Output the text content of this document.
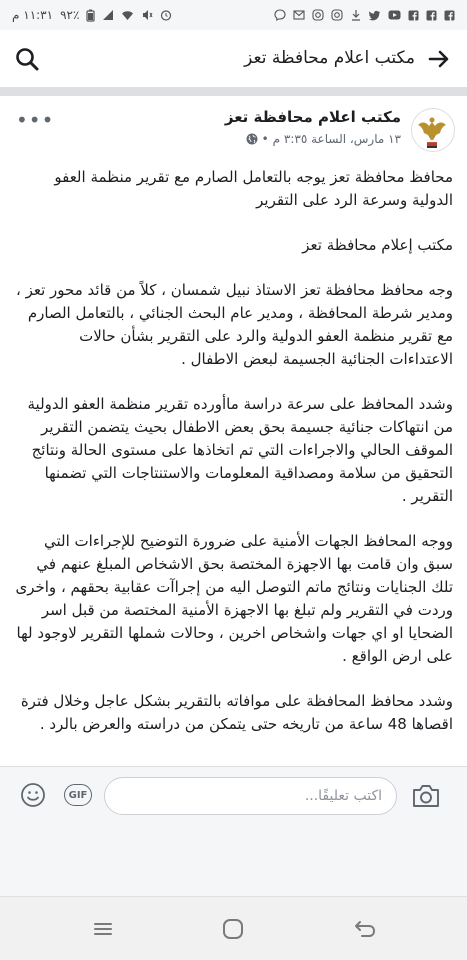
١١:٣١ م ٩٢٪
مكتب اعلام محافظة تعز
مكتب اعلام محافظة تعز
١٣ مارس، الساعة ٣:٣٥ م
•
•••

محافظ محافظة تعز يوجه بالتعامل الصارم مع تقرير منظمة العفو الدولية وسرعة الرد على التقرير

مكتب إعلام محافظة تعز

وجه محافظ محافظة تعز الاستاذ نبيل شمسان ، كلاً من قائد محور تعز ، ومدير شرطة المحافظة ، ومدير عام البحث الجنائي ، بالتعامل الصارم مع تقرير منظمة العفو الدولية والرد على التقرير بشأن حالات الاعتداءات الجنائية الجسيمة لبعض الاطفال .

وشدد المحافظ على سرعة دراسة ماأورده تقرير منظمة العفو الدولية من انتهاكات جنائية جسيمة بحق بعض الاطفال بحيث يتضمن التقرير الموقف الحالي والاجراءات التي تم اتخاذها على مستوى الحالة ونتائج التحقيق من سلامة ومصداقية المعلومات والاستنتاجات التي تضمنها التقرير .

ووجه المحافظ الجهات الأمنية على ضرورة التوضيح للإجراءات التي سبق وان قامت بها الاجهزة المختصة بحق الاشخاص المبلغ عنهم في تلك الجنايات ونتائج ماتم التوصل اليه من إجراآت عقابية بحقهم ، واخرى وردت في التقرير ولم تبلغ بها الاجهزة الأمنية المختصة من قبل اسر الضحايا او اي جهات واشخاص اخرين ، وحالات شملها التقرير لاوجود لها على ارض الواقع .

وشدد محافظ المحافظة على موافاته بالتقرير بشكل عاجل وخلال فترة اقصاها 48 ساعة من تاريخه حتى يتمكن من دراسته والعرض بالرد .

GIF
اكتب تعليقًا...
